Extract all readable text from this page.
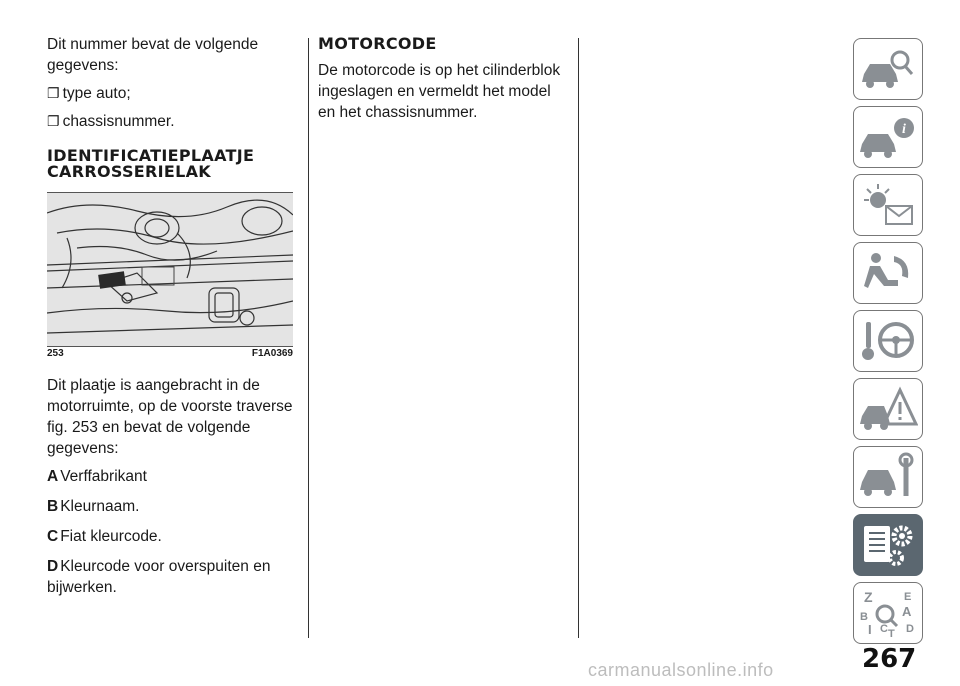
Dit nummer bevat de volgende gegevens:

❐ type auto;
❐ chassisnummer.
IDENTIFICATIEPLAATJE
CARROSSERIELAK
253	F1A0369

Dit plaatje is aangebracht in de motorruimte, op de voorste traverse fig. 253 en bevat de volgende gegevens:

A Verffabrikant

B Kleurnaam.

C Fiat kleurcode.

D Kleurcode voor overspuiten en bijwerken.

MOTORCODE

De motorcode is op het cilinderblok ingeslagen en vermeldt het model en het chassisnummer.

i
Z	E
B	A
I C T D
267
carmanualsonline.info
